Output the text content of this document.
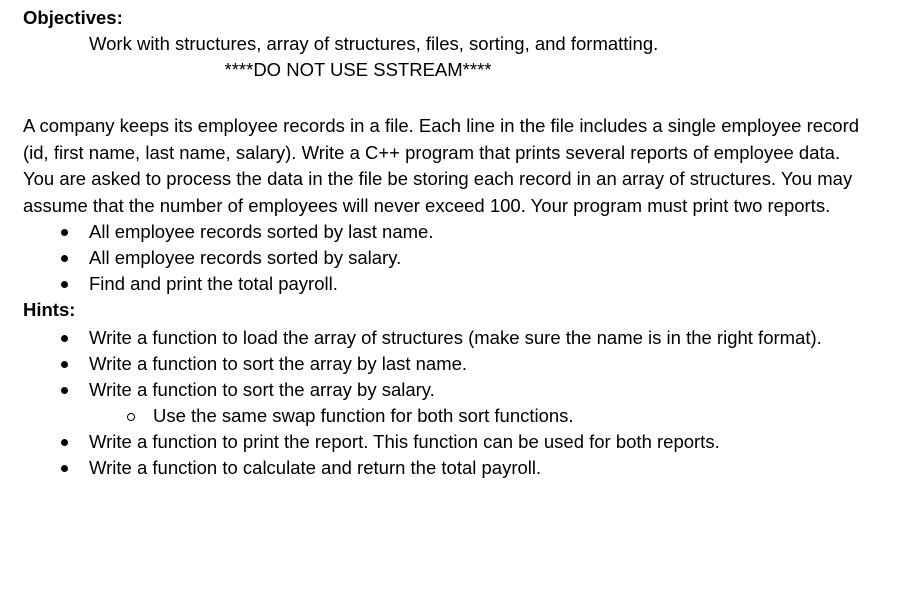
Objectives:
Work with structures, array of structures, files, sorting, and formatting.
****DO NOT USE SSTREAM****

A company keeps its employee records in a file. Each line in the file includes a single employee record (id, first name, last name, salary). Write a C++ program that prints several reports of employee data. You are asked to process the data in the file be storing each record in an array of structures. You may assume that the number of employees will never exceed 100. Your program must print two reports.

All employee records sorted by last name.
All employee records sorted by salary.
Find and print the total payroll.
Hints:
Write a function to load the array of structures (make sure the name is in the right format).
Write a function to sort the array by last name.
Write a function to sort the array by salary.
Use the same swap function for both sort functions.
Write a function to print the report. This function can be used for both reports.
Write a function to calculate and return the total payroll.
